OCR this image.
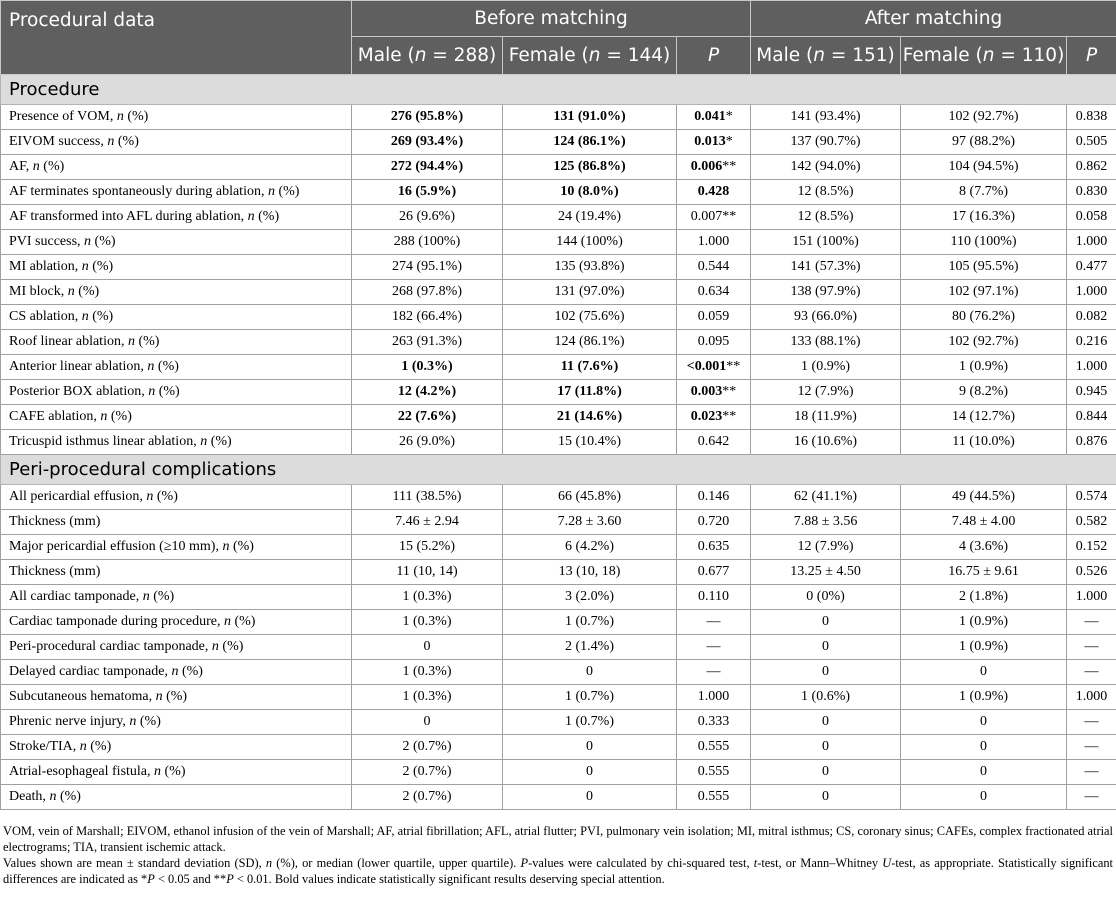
Procedural data	Before matching			After matching		
	Male (n = 288)	Female (n = 144)	P	Male (n = 151)	Female (n = 110)	P
Procedure						
Presence of VOM, n (%)	276 (95.8%)	131 (91.0%)	0.041*	141 (93.4%)	102 (92.7%)	0.838
EIVOM success, n (%)	269 (93.4%)	124 (86.1%)	0.013*	137 (90.7%)	97 (88.2%)	0.505
AF, n (%)	272 (94.4%)	125 (86.8%)	0.006**	142 (94.0%)	104 (94.5%)	0.862
AF terminates spontaneously during ablation, n (%)	16 (5.9%)	10 (8.0%)	0.428	12 (8.5%)	8 (7.7%)	0.830
AF transformed into AFL during ablation, n (%)	26 (9.6%)	24 (19.4%)	0.007**	12 (8.5%)	17 (16.3%)	0.058
PVI success, n (%)	288 (100%)	144 (100%)	1.000	151 (100%)	110 (100%)	1.000
MI ablation, n (%)	274 (95.1%)	135 (93.8%)	0.544	141 (57.3%)	105 (95.5%)	0.477
MI block, n (%)	268 (97.8%)	131 (97.0%)	0.634	138 (97.9%)	102 (97.1%)	1.000
CS ablation, n (%)	182 (66.4%)	102 (75.6%)	0.059	93 (66.0%)	80 (76.2%)	0.082
Roof linear ablation, n (%)	263 (91.3%)	124 (86.1%)	0.095	133 (88.1%)	102 (92.7%)	0.216
Anterior linear ablation, n (%)	1 (0.3%)	11 (7.6%)	<0.001**	1 (0.9%)	1 (0.9%)	1.000
Posterior BOX ablation, n (%)	12 (4.2%)	17 (11.8%)	0.003**	12 (7.9%)	9 (8.2%)	0.945
CAFE ablation, n (%)	22 (7.6%)	21 (14.6%)	0.023**	18 (11.9%)	14 (12.7%)	0.844
Tricuspid isthmus linear ablation, n (%)	26 (9.0%)	15 (10.4%)	0.642	16 (10.6%)	11 (10.0%)	0.876
Peri-procedural complications						
All pericardial effusion, n (%)	111 (38.5%)	66 (45.8%)	0.146	62 (41.1%)	49 (44.5%)	0.574
Thickness (mm)	7.46 ± 2.94	7.28 ± 3.60	0.720	7.88 ± 3.56	7.48 ± 4.00	0.582
Major pericardial effusion (≥10 mm), n (%)	15 (5.2%)	6 (4.2%)	0.635	12 (7.9%)	4 (3.6%)	0.152
Thickness (mm)	11 (10, 14)	13 (10, 18)	0.677	13.25 ± 4.50	16.75 ± 9.61	0.526
All cardiac tamponade, n (%)	1 (0.3%)	3 (2.0%)	0.110	0 (0%)	2 (1.8%)	1.000
Cardiac tamponade during procedure, n (%)	1 (0.3%)	1 (0.7%)	—	0	1 (0.9%)	—
Peri-procedural cardiac tamponade, n (%)	0	2 (1.4%)	—	0	1 (0.9%)	—
Delayed cardiac tamponade, n (%)	1 (0.3%)	0	—	0	0	—
Subcutaneous hematoma, n (%)	1 (0.3%)	1 (0.7%)	1.000	1 (0.6%)	1 (0.9%)	1.000
Phrenic nerve injury, n (%)	0	1 (0.7%)	0.333	0	0	—
Stroke/TIA, n (%)	2 (0.7%)	0	0.555	0	0	—
Atrial-esophageal fistula, n (%)	2 (0.7%)	0	0.555	0	0	—
Death, n (%)	2 (0.7%)	0	0.555	0	0	—

VOM, vein of Marshall; EIVOM, ethanol infusion of the vein of Marshall; AF, atrial fibrillation; AFL, atrial flutter; PVI, pulmonary vein isolation; MI, mitral isthmus; CS, coronary sinus; CAFEs, complex fractionated atrial electrograms; TIA, transient ischemic attack.

Values shown are mean ± standard deviation (SD), n (%), or median (lower quartile, upper quartile). P-values were calculated by chi-squared test, t-test, or Mann–Whitney U-test, as appropriate. Statistically significant differences are indicated as *P < 0.05 and **P < 0.01. Bold values indicate statistically significant results deserving special attention.
